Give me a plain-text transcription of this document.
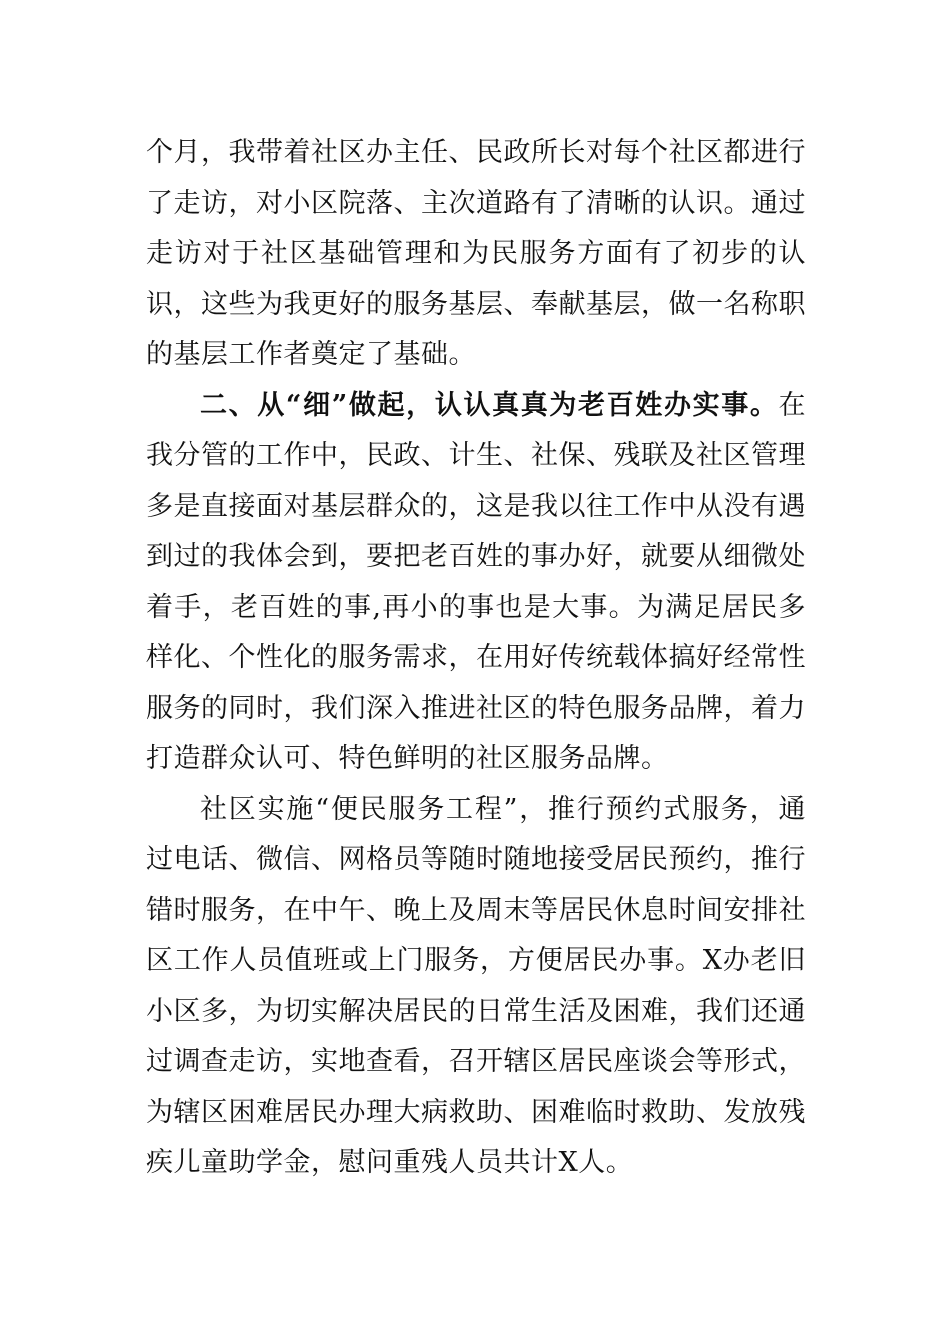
个月，我带着社区办主任、民政所长对每个社区都进行了走访，对小区院落、主次道路有了清晰的认识。通过走访对于社区基础管理和为民服务方面有了初步的认识，这些为我更好的服务基层、奉献基层，做一名称职的基层工作者奠定了基础。

二、从“细”做起，认认真真为老百姓办实事。在我分管的工作中，民政、计生、社保、残联及社区管理多是直接面对基层群众的，这是我以往工作中从没有遇到过的我体会到，要把老百姓的事办好，就要从细微处着手，老百姓的事,再小的事也是大事。为满足居民多样化、个性化的服务需求，在用好传统载体搞好经常性服务的同时，我们深入推进社区的特色服务品牌，着力打造群众认可、特色鲜明的社区服务品牌。

社区实施“便民服务工程”，推行预约式服务，通过电话、微信、网格员等随时随地接受居民预约，推行错时服务，在中午、晚上及周末等居民休息时间安排社区工作人员值班或上门服务，方便居民办事。X办老旧小区多，为切实解决居民的日常生活及困难，我们还通过调查走访，实地查看，召开辖区居民座谈会等形式，为辖区困难居民办理大病救助、困难临时救助、发放残疾儿童助学金，慰问重残人员共计X人。
